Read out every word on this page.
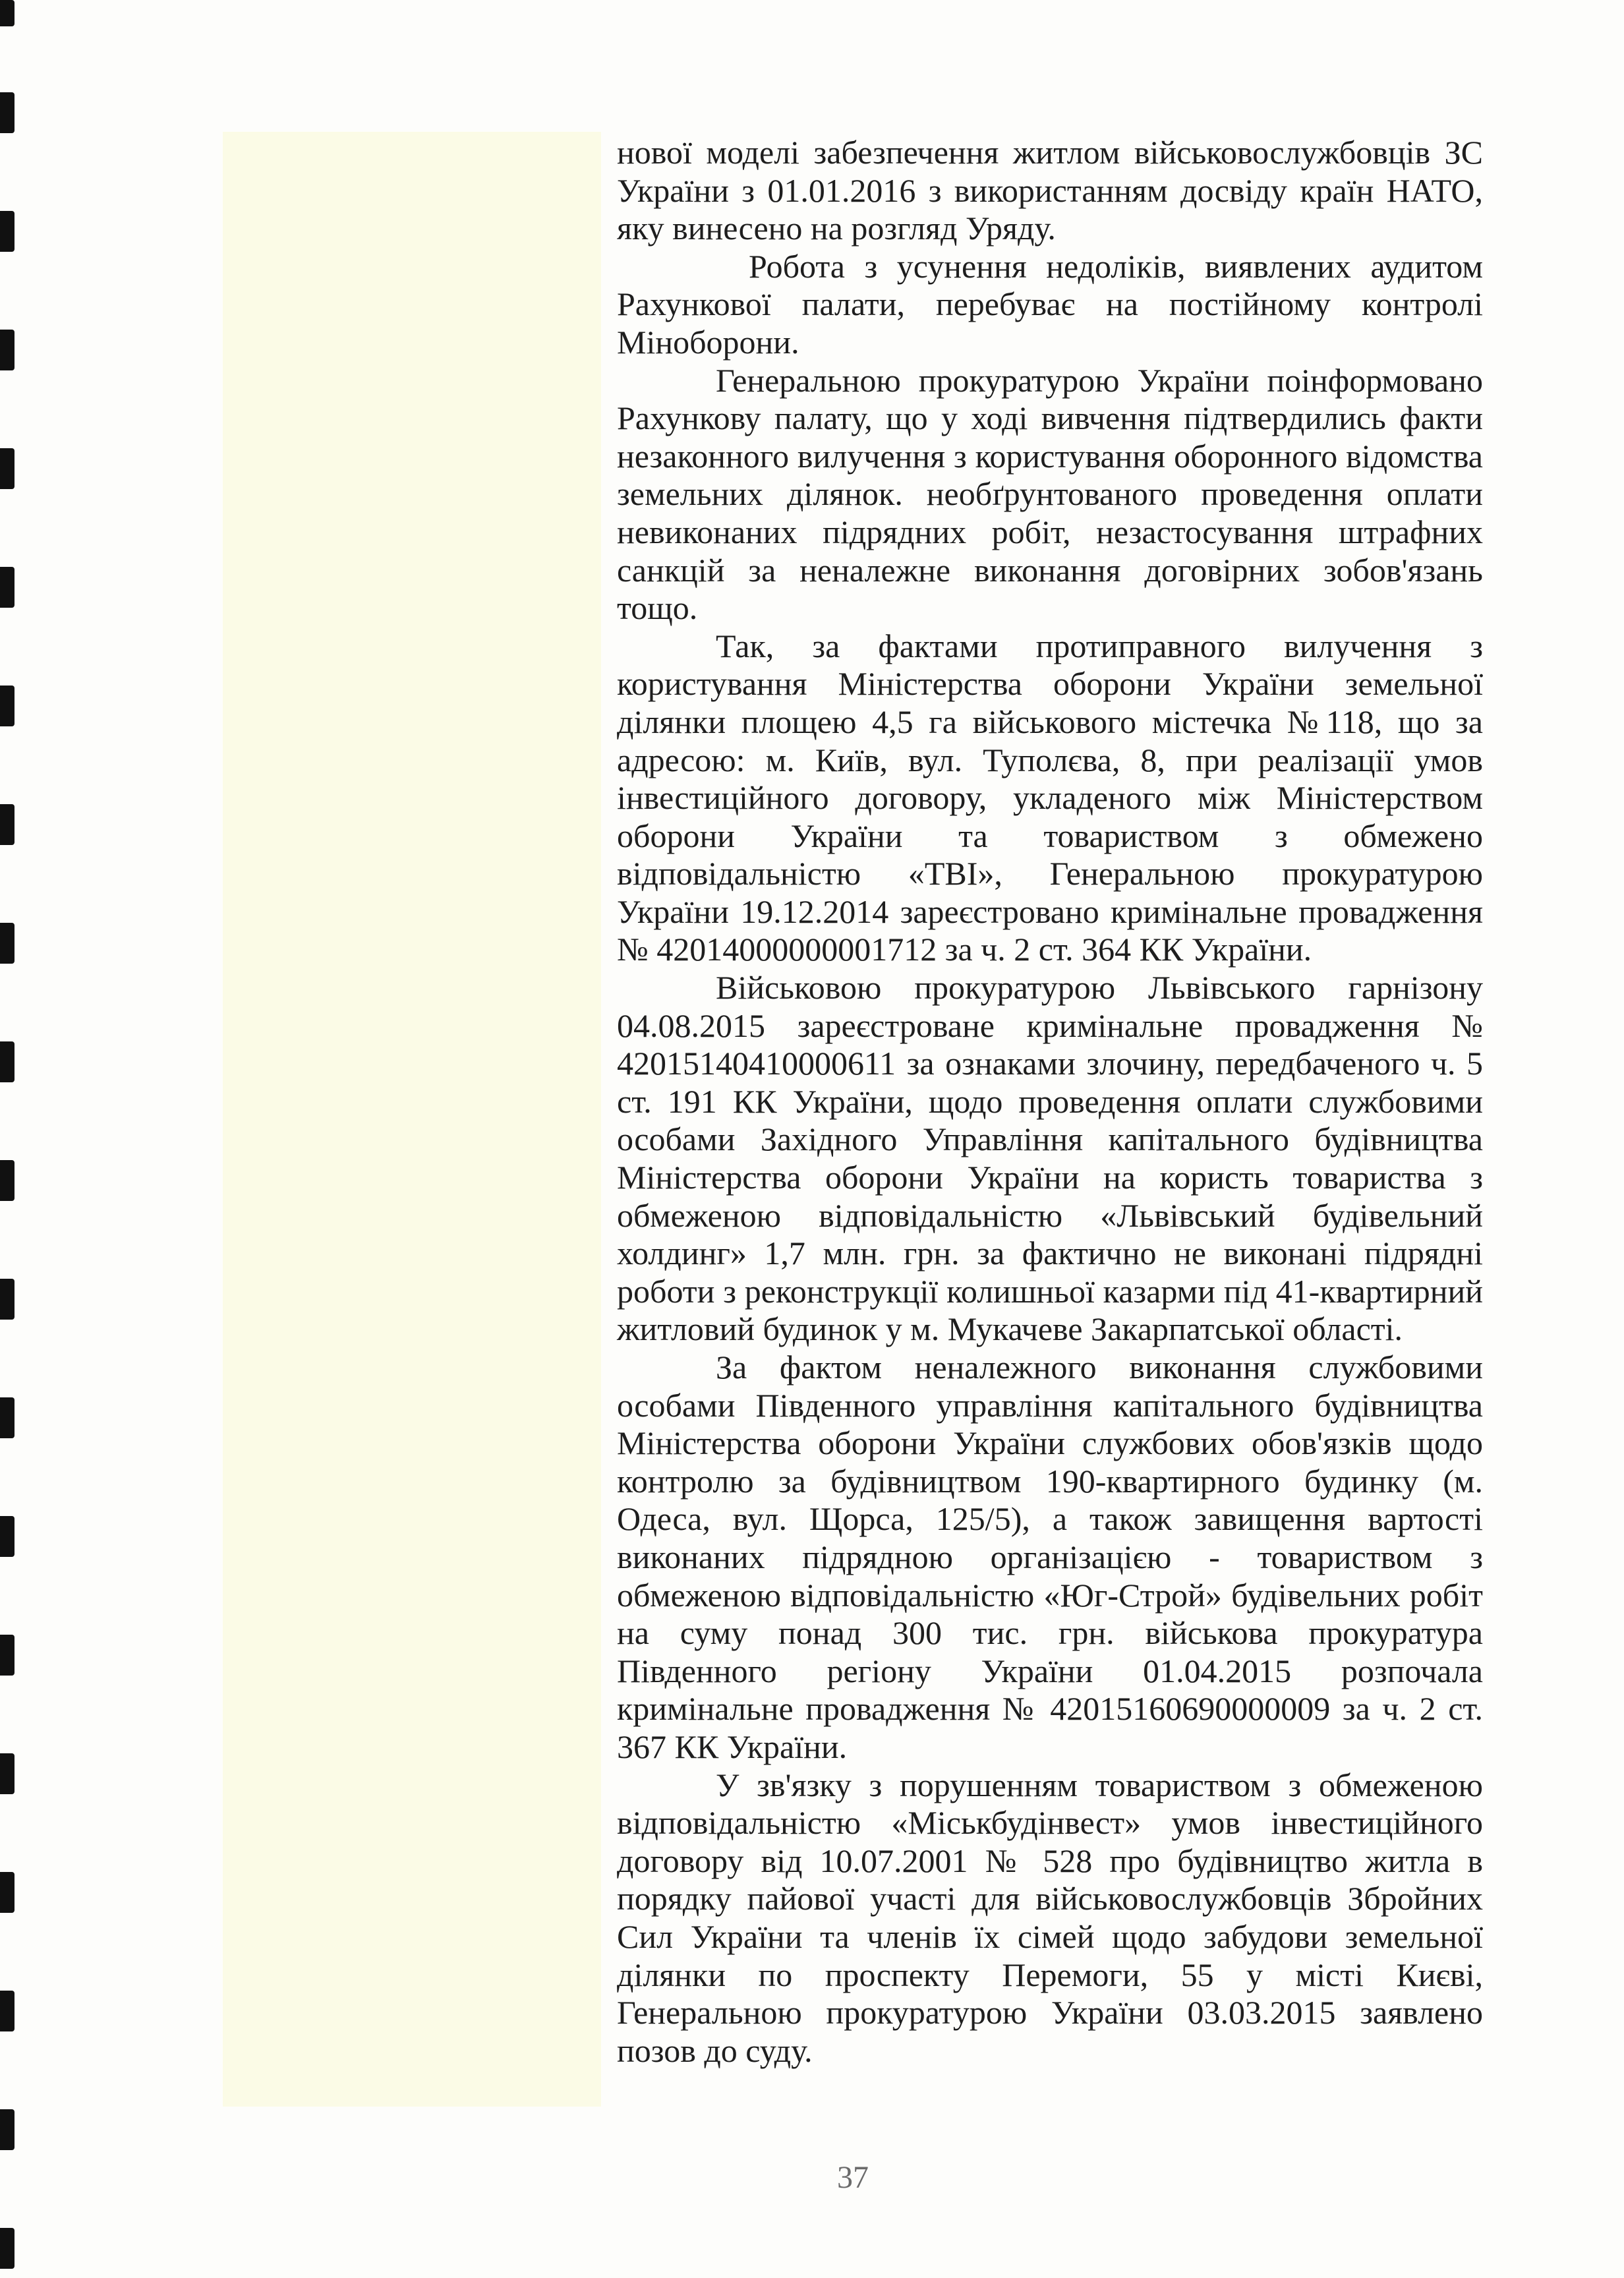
нової моделі забезпечення житлом військовослужбовців ЗС України з 01.01.2016 з використанням досвіду країн НАТО, яку винесено на розгляд Уряду.

Робота з усунення недоліків, виявлених аудитом Рахункової палати, перебуває на постійному контролі Міноборони.

Генеральною прокуратурою України поінформовано Рахункову палату, що у ході вивчення підтвердились факти незаконного вилучення з користування оборонного відомства земельних ділянок. необґрунтованого проведення оплати невиконаних підрядних робіт, незастосування штрафних санкцій за неналежне виконання договірних зобов'язань тощо.

Так, за фактами протиправного вилучення з користування Міністерства оборони України земельної ділянки площею 4,5 га військового містечка №118, що за адресою: м. Київ, вул. Туполєва, 8, при реалізації умов інвестиційного договору, укладеного між Міністерством оборони України та товариством з обмежено відповідальністю «ТВІ», Генеральною прокуратурою України 19.12.2014 зареєстровано кримінальне провадження № 42014000000001712 за ч. 2 ст. 364 КК України.

Військовою прокуратурою Львівського гарнізону 04.08.2015 зареєстроване кримінальне провадження № 42015140410000611 за ознаками злочину, передбаченого ч. 5 ст. 191 КК України, щодо проведення оплати службовими особами Західного Управління капітального будівництва Міністерства оборони України на користь товариства з обмеженою відповідальністю «Львівський будівельний холдинг» 1,7 млн. грн. за фактично не виконані підрядні роботи з реконструкції колишньої казарми під 41-квартирний житловий будинок у м. Мукачеве Закарпатської області.

За фактом неналежного виконання службовими особами Південного управління капітального будівництва Міністерства оборони України службових обов'язків щодо контролю за будівництвом 190-квартирного будинку (м. Одеса, вул. Щорса, 125/5), а також завищення вартості виконаних підрядною організацією - товариством з обмеженою відповідальністю «Юг-Строй» будівельних робіт на суму понад 300 тис. грн. військова прокуратура Південного регіону України 01.04.2015 розпочала кримінальне провадження № 42015160690000009 за ч. 2 ст. 367 КК України.

У зв'язку з порушенням товариством з обмеженою відповідальністю «Міськбудінвест» умов інвестиційного договору від 10.07.2001 № 528 про будівництво житла в порядку пайової участі для військовослужбовців Збройних Сил України та членів їх сімей щодо забудови земельної ділянки по проспекту Перемоги, 55 у місті Києві, Генеральною прокуратурою України 03.03.2015 заявлено позов до суду.

37
